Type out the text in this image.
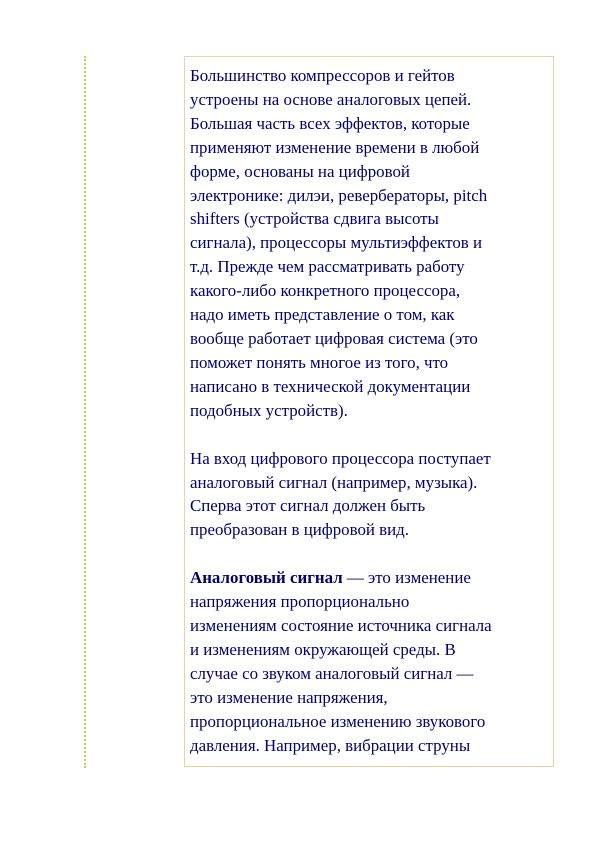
Большинство компрессоров и гейтов
устроены на основе аналоговых цепей.
Большая часть всех эффектов, которые
применяют изменение времени в любой
форме, основаны на цифровой
электронике: дилэи, ревербераторы, pitch
shifters (устройства сдвига высоты
сигнала), процессоры мультиэффектов и
т.д. Прежде чем рассматривать работу
какого-либо конкретного процессора,
надо иметь представление о том, как
вообще работает цифровая система (это
поможет понять многое из того, что
написано в технической документации
подобных устройств).
На вход цифрового процессора поступает
аналоговый сигнал (например, музыка).
Сперва этот сигнал должен быть
преобразован в цифровой вид.
Аналоговый сигнал — это изменение
напряжения пропорционально
изменениям состояние источника сигнала
и изменениям окружающей среды. В
случае со звуком аналоговый сигнал —
это изменение напряжения,
пропорциональное изменению звукового
давления. Например, вибрации струны
